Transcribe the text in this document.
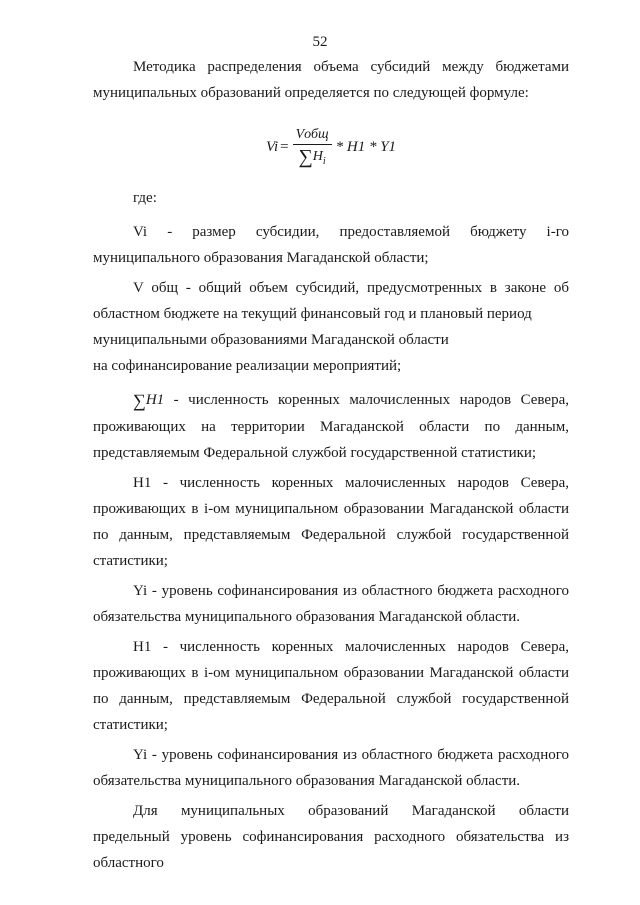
52

Методика распределения объема субсидий между бюджетами муниципальных образований определяется по следующей формуле:

$Vi = \frac{\text{Vобщ}}{\sum H_i} * H1 * Y1$

где:

Vi - размер субсидии, предоставляемой бюджету i-го муниципального образования Магаданской области;

V общ - общий объем субсидий, предусмотренных в законе об областном бюджете на текущий финансовый год и плановый период

муниципальными образованиями Магаданской области

на софинансирование реализации мероприятий;

∑H1 - численность коренных малочисленных народов Севера, проживающих на территории Магаданской области по данным, представляемым Федеральной службой государственной статистики;

H1 - численность коренных малочисленных народов Севера, проживающих в i-ом муниципальном образовании Магаданской области по данным, представляемым Федеральной службой государственной статистики;

Yi - уровень софинансирования из областного бюджета расходного обязательства муниципального образования Магаданской области.

H1 - численность коренных малочисленных народов Севера, проживающих в i-ом муниципальном образовании Магаданской области по данным, представляемым Федеральной службой государственной статистики;

Yi - уровень софинансирования из областного бюджета расходного обязательства муниципального образования Магаданской области.

Для муниципальных образований Магаданской области предельный уровень софинансирования расходного обязательства из областного
